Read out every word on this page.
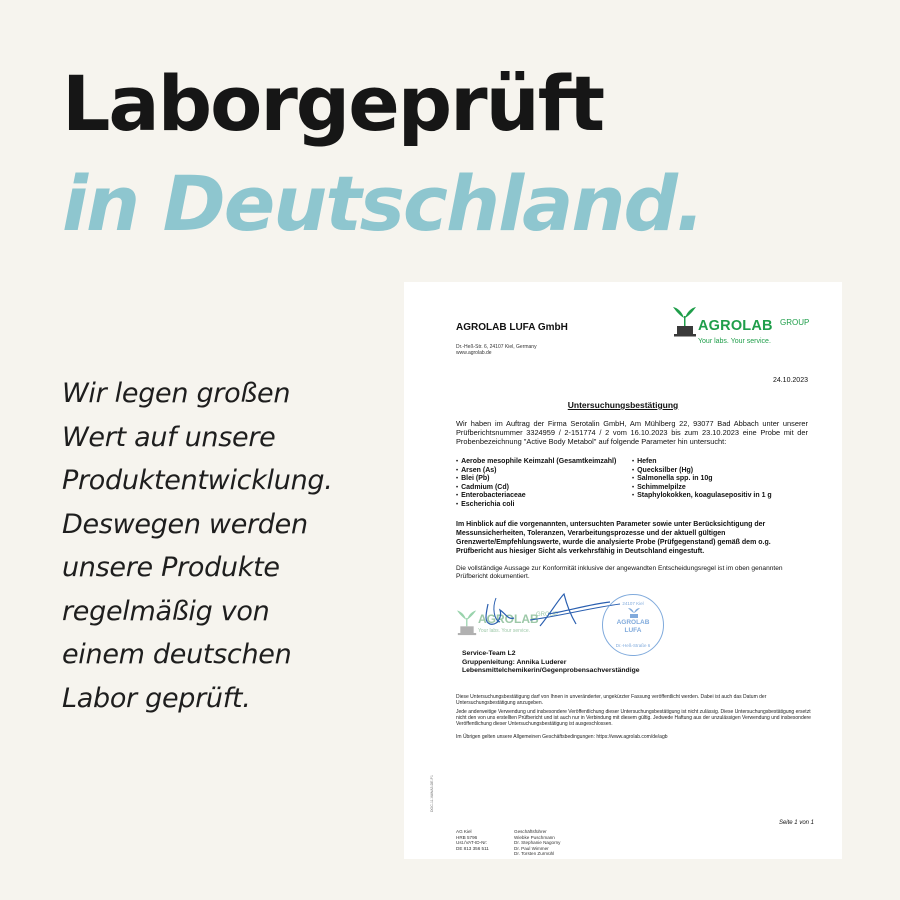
Laborgeprüft
in Deutschland.
Wir legen großen
Wert auf unsere
Produktentwicklung.
Deswegen werden
unsere Produkte
regelmäßig von
einem deutschen
Labor geprüft.
AGROLAB LUFA GmbH
Dr.-Heß-Str. 6, 24107 Kiel, Germany
www.agrolab.de
AGROLAB GROUP
Your labs. Your service.
24.10.2023
Untersuchungsbestätigung
Wir haben im Auftrag der Firma Serotalin GmbH, Am Mühlberg 22, 93077 Bad Abbach unter unserer Prüfberichtsnummer 3324959 / 2-151774 / 2 vom 16.10.2023 bis zum 23.10.2023 eine Probe mit der Probenbezeichnung "Active Body Metabol" auf folgende Parameter hin untersucht:
• Aerobe mesophile Keimzahl (Gesamtkeimzahl)
• Arsen (As)
• Blei (Pb)
• Cadmium (Cd)
• Enterobacteriaceae
• Escherichia coli
• Hefen
• Quecksilber (Hg)
• Salmonella spp. in 10g
• Schimmelpilze
• Staphylokokken, koagulasepositiv in 1 g
Im Hinblick auf die vorgenannten, untersuchten Parameter sowie unter Berücksichtigung der Messunsicherheiten, Toleranzen, Verarbeitungsprozesse und der aktuell gültigen Grenzwerte/Empfehlungswerte, wurde die analysierte Probe (Prüfgegenstand) gemäß dem o.g. Prüfbericht aus hiesiger Sicht als verkehrsfähig in Deutschland eingestuft.
Die vollständige Aussage zur Konformität inklusive der angewandten Entscheidungsregel ist im oben genannten Prüfbericht dokumentiert.
AGROLAB
GROUP
Your labs. Your service.
24107 Kiel
AGROLAB
LUFA
Dr.-Heß-Straße 6
Service-Team L2
Gruppenleitung: Annika Luderer
Lebensmittelchemikerin/Gegenprobensachverständige
Diese Untersuchungsbestätigung darf von Ihnen in unveränderter, ungekürzter Fassung veröffentlicht werden. Dabei ist auch das Datum der Untersuchungsbestätigung anzugeben.
Jede anderweitige Verwendung und insbesondere Veröffentlichung dieser Untersuchungsbestätigung ist nicht zulässig. Diese Untersuchungsbestätigung ersetzt nicht den von uns erstellten Prüfbericht und ist auch nur in Verbindung mit diesem gültig. Jedwede Haftung aus der unzulässigen Verwendung und insbesondere Veröffentlichung dieser Untersuchungsbestätigung ist ausgeschlossen.
Im Übrigen gelten unsere Allgemeinen Geschäftsbedingungen: https://www.agrolab.com/de/agb
DOC-11-VAWA3-DE-P1
Seite 1 von 1
AG Kiel
HRB 5796
Ust./VAT-ID-Nr:
DE 813 356 511
Geschäftsführer
Wiebke Puschmann
Dr. Stephanie Nagorny
Dr. Paul Wimmer
Dr. Torsten Zurmühl
